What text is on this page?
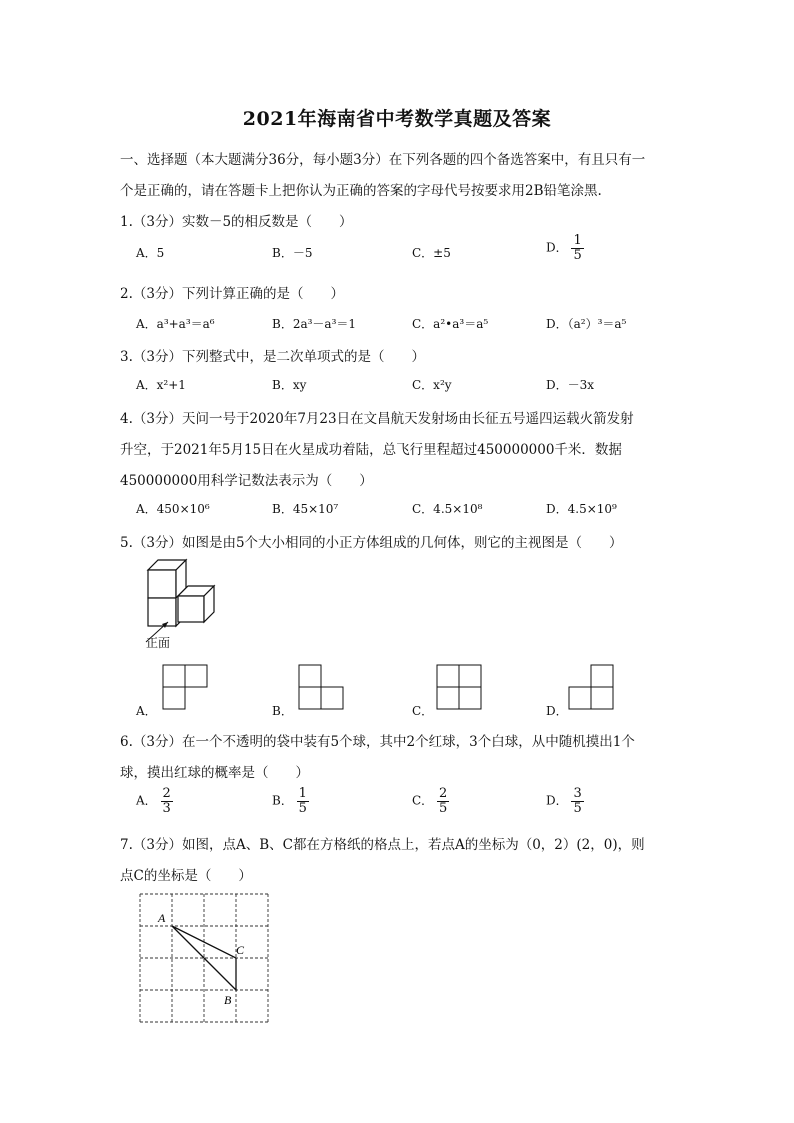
2021年海南省中考数学真题及答案
一、选择题（本大题满分36分，每小题3分）在下列各题的四个备选答案中，有且只有一
个是正确的，请在答题卡上把你认为正确的答案的字母代号按要求用2B铅笔涂黑.
1.（3分）实数－5的相反数是（　　）
A．5	B．－5	C．±5	D． $\frac{1}{5}$
2.（3分）下列计算正确的是（　　）
A．a³+a³＝a⁶	B．2a³－a³＝1	C．a²•a³＝a⁵	D．（a²）³＝a⁵
3.（3分）下列整式中，是二次单项式的是（　　）
A．x²+1	B．xy	C．x²y	D．－3x
4.（3分）天问一号于2020年7月23日在文昌航天发射场由长征五号遥四运载火箭发射
升空，于2021年5月15日在火星成功着陆，总飞行里程超过450000000千米．数据
450000000用科学记数法表示为（　　）
A．450×10⁶	B．45×10⁷	C．4.5×10⁸	D．4.5×10⁹
5.（3分）如图是由5个大小相同的小正方体组成的几何体，则它的主视图是（　　）
正面
A．	B．	C．	D．
6.（3分）在一个不透明的袋中装有5个球，其中2个红球，3个白球，从中随机摸出1个
球，摸出红球的概率是（　　）
A． $\frac{2}{3}$	B． $\frac{1}{5}$	C． $\frac{2}{5}$	D． $\frac{3}{5}$
7.（3分）如图，点A、B、C都在方格纸的格点上，若点A的坐标为（0，2）(2，0)，则
点C的坐标是（　　）
A
C
B
